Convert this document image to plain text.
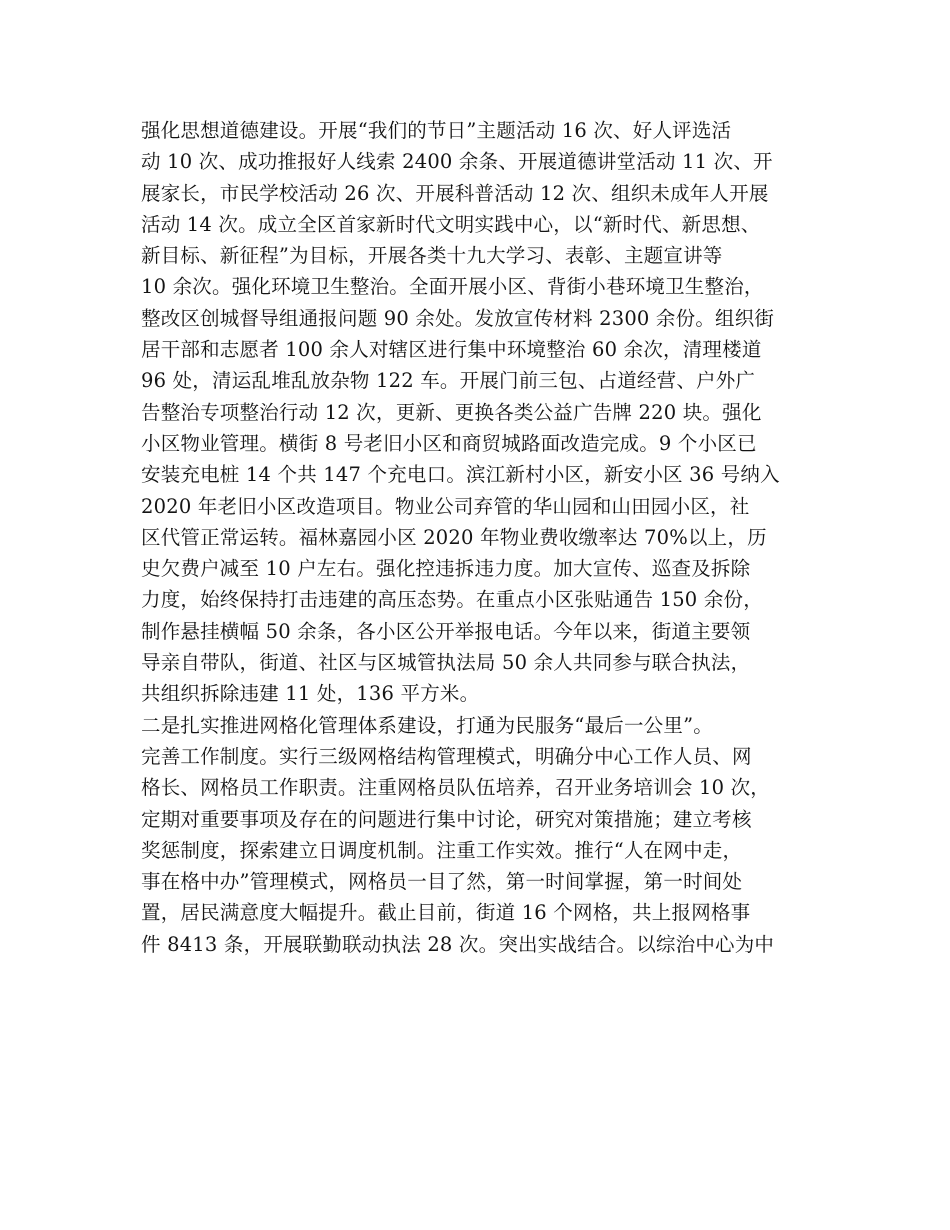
强化思想道德建设。开展“我们的节日”主题活动 16 次、好人评选活
动 10 次、成功推报好人线索 2400 余条、开展道德讲堂活动 11 次、开
展家长，市民学校活动 26 次、开展科普活动 12 次、组织未成年人开展
活动 14 次。成立全区首家新时代文明实践中心，以“新时代、新思想、
新目标、新征程”为目标，开展各类十九大学习、表彰、主题宣讲等
10 余次。强化环境卫生整治。全面开展小区、背街小巷环境卫生整治，
整改区创城督导组通报问题 90 余处。发放宣传材料 2300 余份。组织街
居干部和志愿者 100 余人对辖区进行集中环境整治 60 余次，清理楼道
96 处，清运乱堆乱放杂物 122 车。开展门前三包、占道经营、户外广
告整治专项整治行动 12 次，更新、更换各类公益广告牌 220 块。强化
小区物业管理。横街 8 号老旧小区和商贸城路面改造完成。9 个小区已
安装充电桩 14 个共 147 个充电口。滨江新村小区，新安小区 36 号纳入
2020 年老旧小区改造项目。物业公司弃管的华山园和山田园小区，社
区代管正常运转。福林嘉园小区 2020 年物业费收缴率达 70%以上，历
史欠费户减至 10 户左右。强化控违拆违力度。加大宣传、巡查及拆除
力度，始终保持打击违建的高压态势。在重点小区张贴通告 150 余份，
制作悬挂横幅 50 余条，各小区公开举报电话。今年以来，街道主要领
导亲自带队，街道、社区与区城管执法局 50 余人共同参与联合执法，
共组织拆除违建 11 处，136 平方米。
二是扎实推进网格化管理体系建设，打通为民服务“最后一公里”。
完善工作制度。实行三级网格结构管理模式，明确分中心工作人员、网
格长、网格员工作职责。注重网格员队伍培养，召开业务培训会 10 次，
定期对重要事项及存在的问题进行集中讨论，研究对策措施；建立考核
奖惩制度，探索建立日调度机制。注重工作实效。推行“人在网中走，
事在格中办”管理模式，网格员一目了然，第一时间掌握，第一时间处
置，居民满意度大幅提升。截止目前，街道 16 个网格，共上报网格事
件 8413 条，开展联勤联动执法 28 次。突出实战结合。以综治中心为中
